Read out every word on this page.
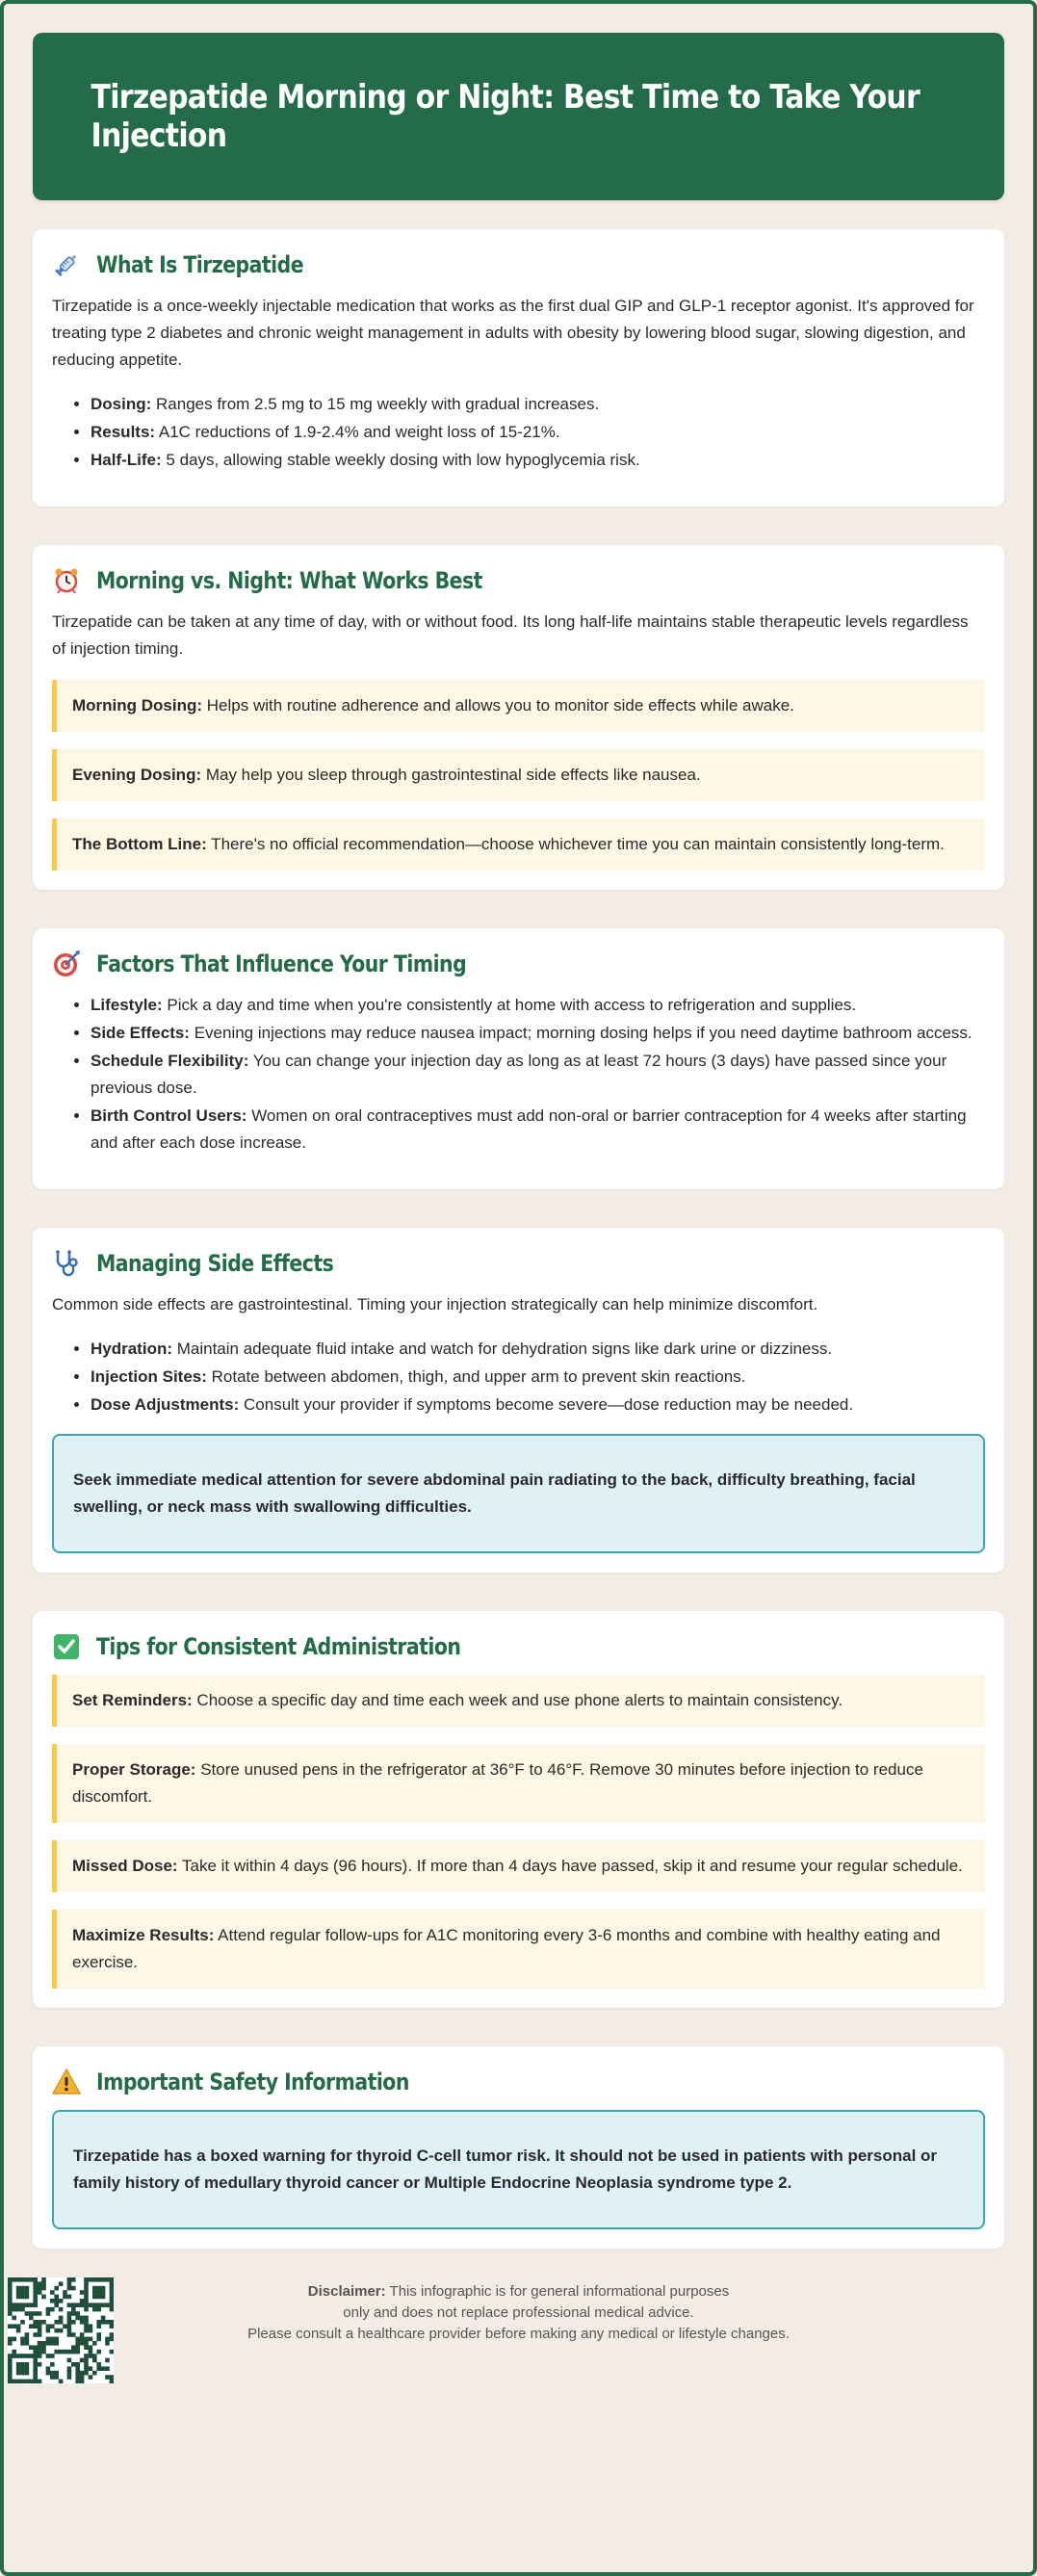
Tirzepatide Morning or Night: Best Time to Take Your Injection
What Is Tirzepatide

Tirzepatide is a once-weekly injectable medication that works as the first dual GIP and GLP-1 receptor agonist. It's approved for treating type 2 diabetes and chronic weight management in adults with obesity by lowering blood sugar, slowing digestion, and reducing appetite.

• Dosing: Ranges from 2.5 mg to 15 mg weekly with gradual increases.
• Results: A1C reductions of 1.9-2.4% and weight loss of 15-21%.
• Half-Life: 5 days, allowing stable weekly dosing with low hypoglycemia risk.
Morning vs. Night: What Works Best

Tirzepatide can be taken at any time of day, with or without food. Its long half-life maintains stable therapeutic levels regardless of injection timing.

Morning Dosing: Helps with routine adherence and allows you to monitor side effects while awake.
Evening Dosing: May help you sleep through gastrointestinal side effects like nausea.
The Bottom Line: There's no official recommendation—choose whichever time you can maintain consistently long-term.
Factors That Influence Your Timing
• Lifestyle: Pick a day and time when you're consistently at home with access to refrigeration and supplies.
• Side Effects: Evening injections may reduce nausea impact; morning dosing helps if you need daytime bathroom access.
• Schedule Flexibility: You can change your injection day as long as at least 72 hours (3 days) have passed since your previous dose.
• Birth Control Users: Women on oral contraceptives must add non-oral or barrier contraception for 4 weeks after starting and after each dose increase.
Managing Side Effects

Common side effects are gastrointestinal. Timing your injection strategically can help minimize discomfort.

• Hydration: Maintain adequate fluid intake and watch for dehydration signs like dark urine or dizziness.
• Injection Sites: Rotate between abdomen, thigh, and upper arm to prevent skin reactions.
• Dose Adjustments: Consult your provider if symptoms become severe—dose reduction may be needed.
Seek immediate medical attention for severe abdominal pain radiating to the back, difficulty breathing, facial swelling, or neck mass with swallowing difficulties.
Tips for Consistent Administration
Set Reminders: Choose a specific day and time each week and use phone alerts to maintain consistency.
Proper Storage: Store unused pens in the refrigerator at 36°F to 46°F. Remove 30 minutes before injection to reduce discomfort.
Missed Dose: Take it within 4 days (96 hours). If more than 4 days have passed, skip it and resume your regular schedule.
Maximize Results: Attend regular follow-ups for A1C monitoring every 3-6 months and combine with healthy eating and exercise.
Important Safety Information
Tirzepatide has a boxed warning for thyroid C-cell tumor risk. It should not be used in patients with personal or family history of medullary thyroid cancer or Multiple Endocrine Neoplasia syndrome type 2.
Disclaimer: This infographic is for general informational purposes
only and does not replace professional medical advice.
Please consult a healthcare provider before making any medical or lifestyle changes.
